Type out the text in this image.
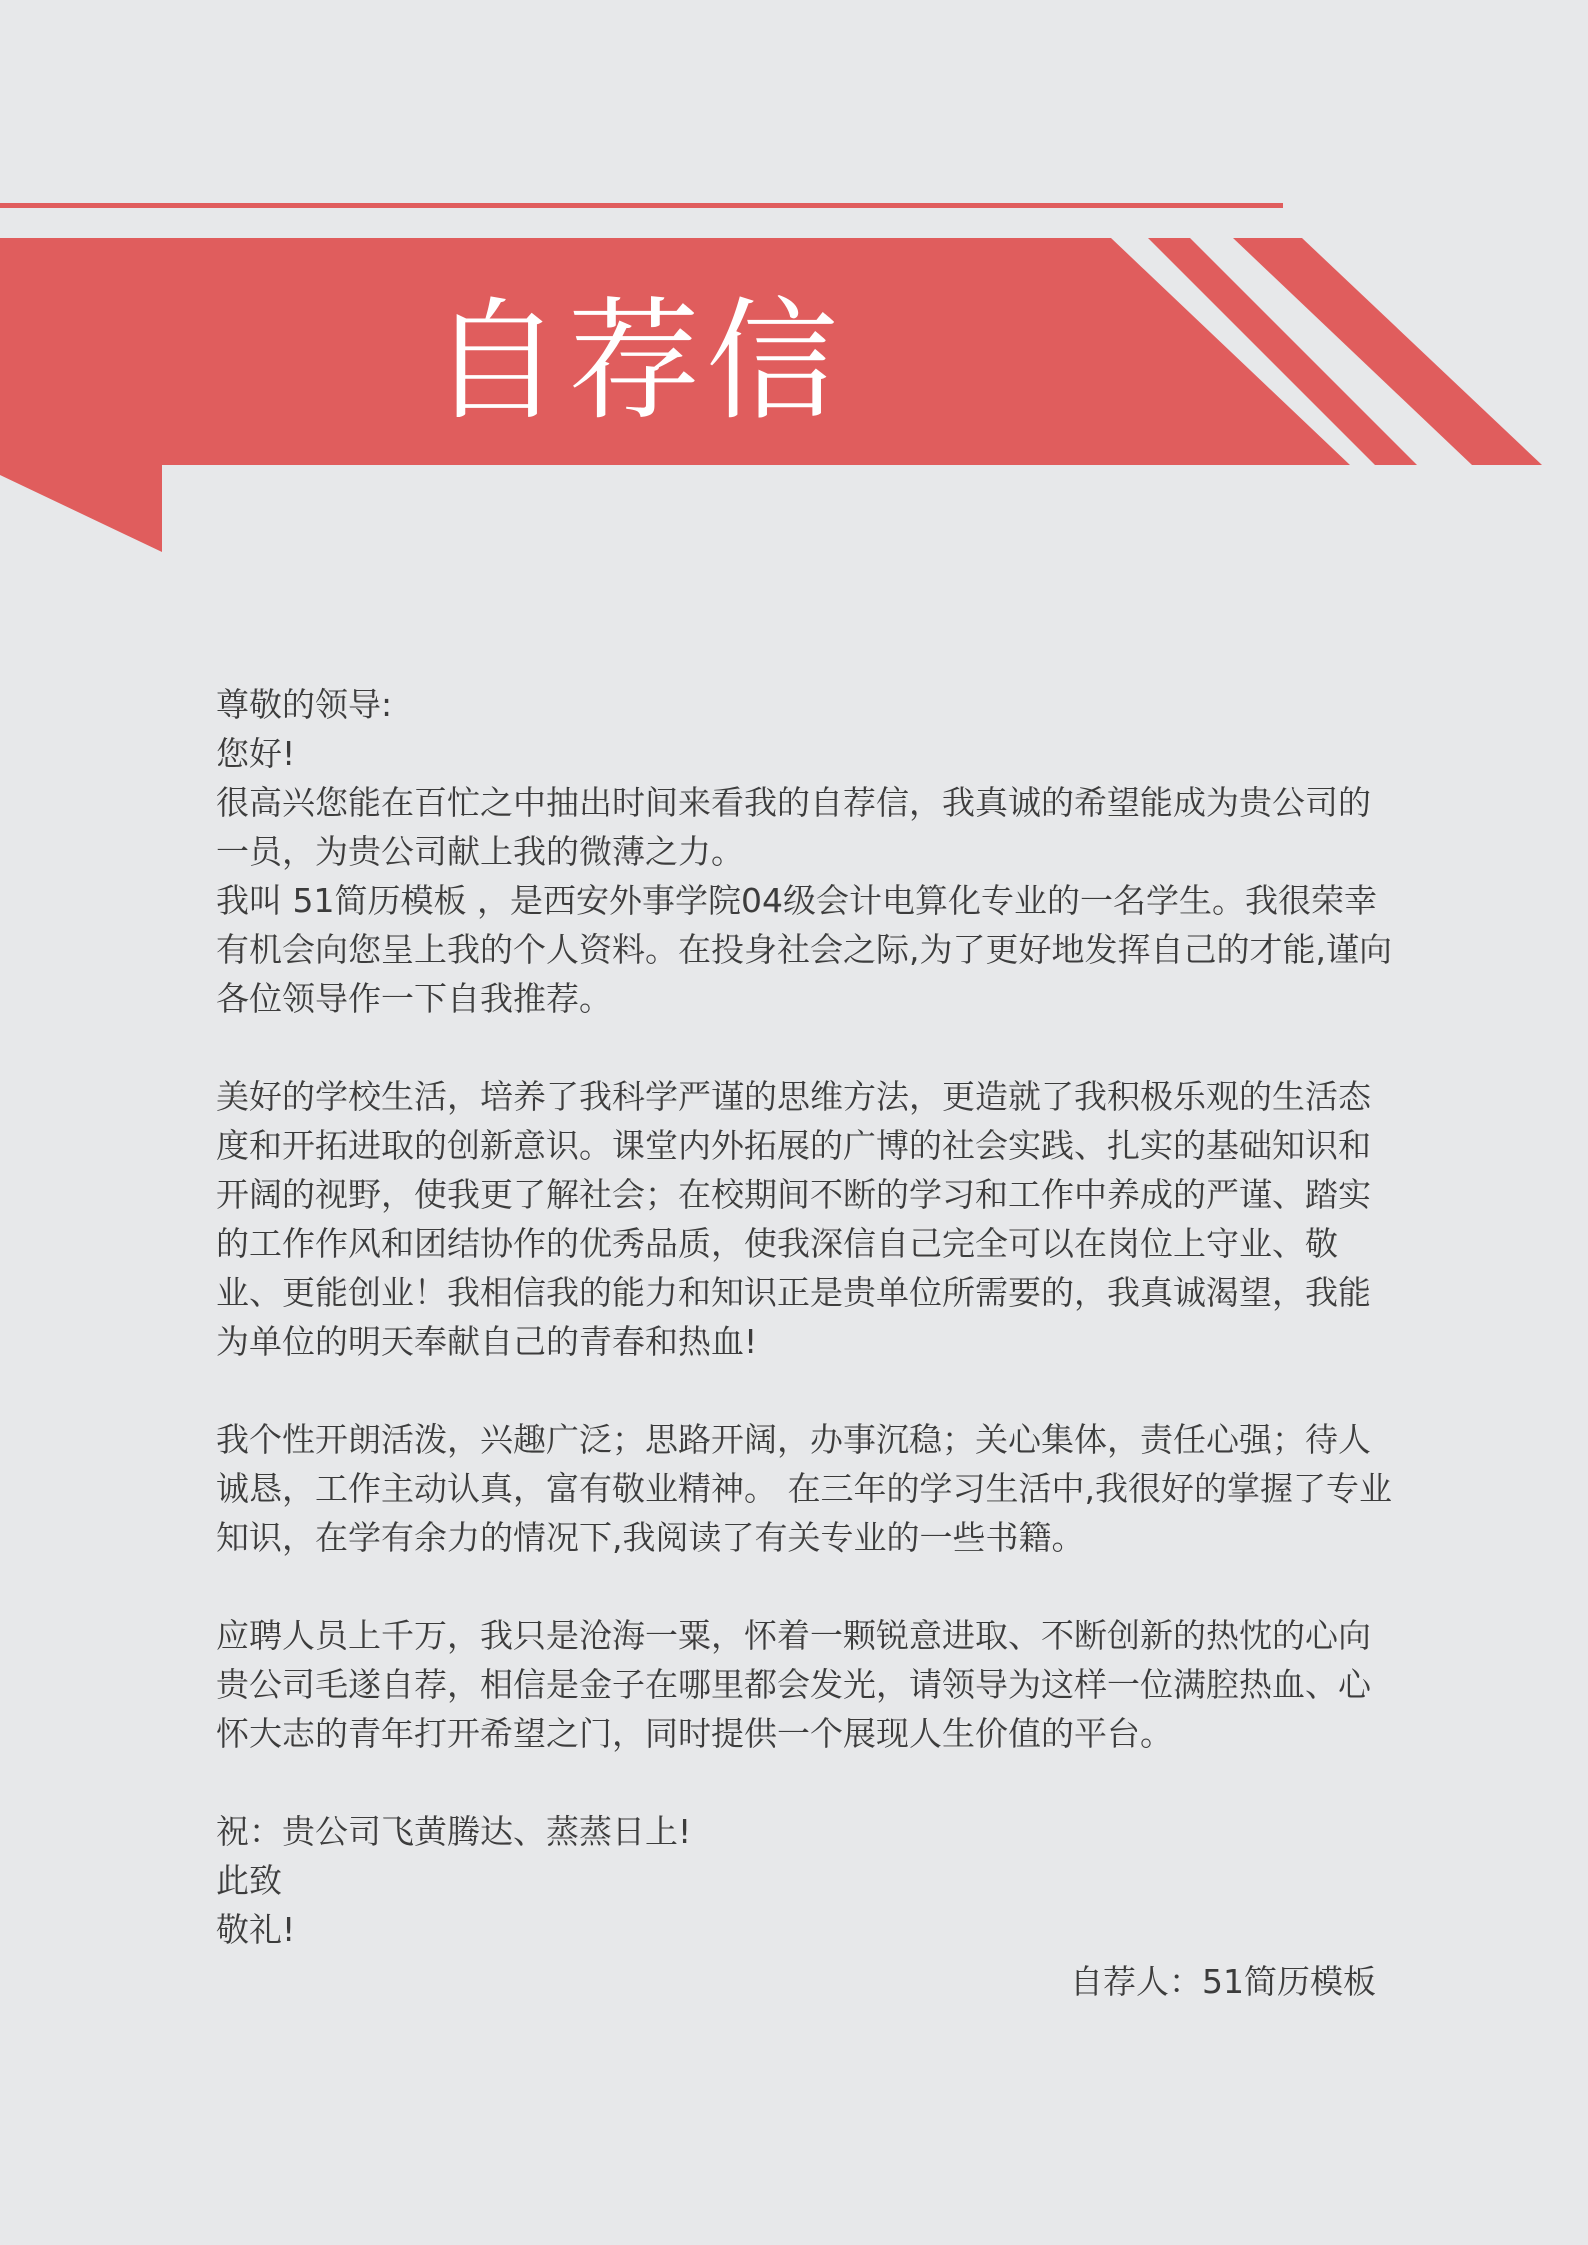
自荐信

尊敬的领导:

您好!

很高兴您能在百忙之中抽出时间来看我的自荐信，我真诚的希望能成为贵公司的一员，为贵公司献上我的微薄之力。

我叫 51简历模板 ，是西安外事学院04级会计电算化专业的一名学生。我很荣幸有机会向您呈上我的个人资料。在投身社会之际,为了更好地发挥自己的才能,谨向各位领导作一下自我推荐。

美好的学校生活，培养了我科学严谨的思维方法，更造就了我积极乐观的生活态度和开拓进取的创新意识。课堂内外拓展的广博的社会实践、扎实的基础知识和开阔的视野，使我更了解社会；在校期间不断的学习和工作中养成的严谨、踏实的工作作风和团结协作的优秀品质，使我深信自己完全可以在岗位上守业、敬业、更能创业！我相信我的能力和知识正是贵单位所需要的，我真诚渴望，我能为单位的明天奉献自己的青春和热血!

我个性开朗活泼，兴趣广泛；思路开阔，办事沉稳；关心集体，责任心强；待人诚恳，工作主动认真，富有敬业精神。 在三年的学习生活中,我很好的掌握了专业知识，在学有余力的情况下,我阅读了有关专业的一些书籍。

应聘人员上千万，我只是沧海一粟，怀着一颗锐意进取、不断创新的热忱的心向贵公司毛遂自荐，相信是金子在哪里都会发光，请领导为这样一位满腔热血、心怀大志的青年打开希望之门，同时提供一个展现人生价值的平台。

祝：贵公司飞黄腾达、蒸蒸日上!

此致

敬礼!

自荐人：51简历模板
